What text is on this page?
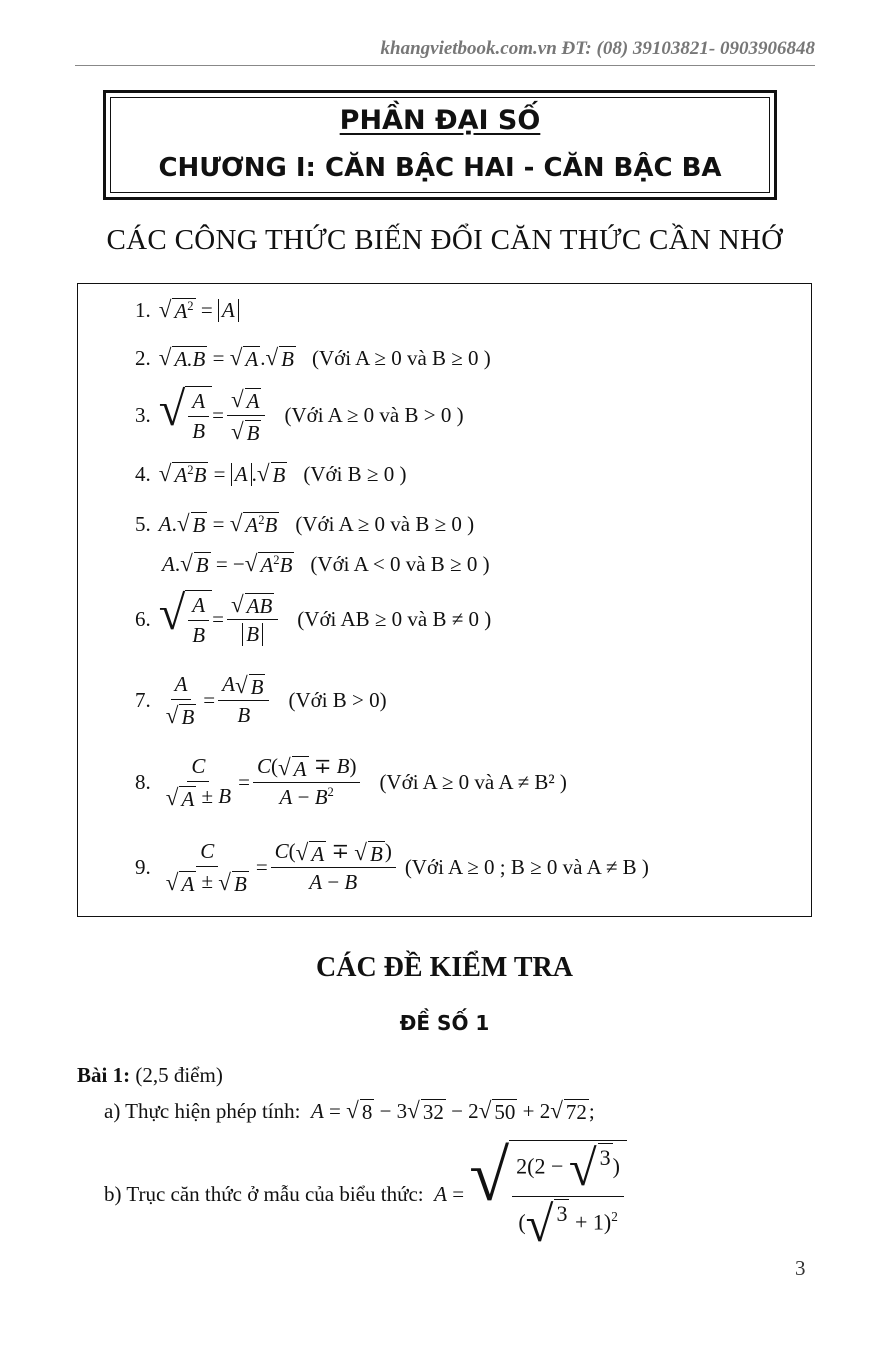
khangvietbook.com.vn ĐT: (08) 39103821- 0903906848
PHẦN ĐẠI SỐ
CHƯƠNG I: CĂN BẬC HAI - CĂN BẬC BA
CÁC CÔNG THỨC BIẾN ĐỔI CĂN THỨC CẦN NHỚ
1. √ $A^2 = A$
2. √ A.B = √ A . √ B (Với A ≥ 0 và B ≥ 0 )
3. √ $\frac{A}{B} = \frac{√ A}{√ B}$ (Với A ≥ 0 và B > 0 )
4. √ $A^2B = A$ . √ B (Với B ≥ 0 )
5. A . √ B = √ $A^2B$ (Với A ≥ 0 và B ≥ 0 )
A . √ B = − √ $A^2B$ (Với A < 0 và B ≥ 0 )
6. √ $\frac{A}{B} = \frac{√ AB}{B}$ (Với AB ≥ 0 và B ≠ 0 )
7. $\frac{A}{√ B} = \frac{A √ B}{B}$ (Với B > 0)
8. $\frac{C}{√ A \pm B} = \frac{C( √ A \mp B)}{A - B^2}$ (Với A ≥ 0 và A ≠ B² )
9. $\frac{C}{√ A \pm √ B} = \frac{C( √ A \mp √ B )}{A - B}$ (Với A ≥ 0 ; B ≥ 0 và A ≠ B )
CÁC ĐỀ KIỂM TRA
ĐỀ SỐ 1
Bài 1: (2,5 điểm)
a) Thực hiện phép tính:
A = √ 8 − 3 √ 32 − 2 √ 50 + 2 √ 72 ;
b) Trục căn thức ở mẫu của biểu thức:
A = √ $\frac{2(2 - √ 3 )}{( √ 3 + 1)^2}$
3
